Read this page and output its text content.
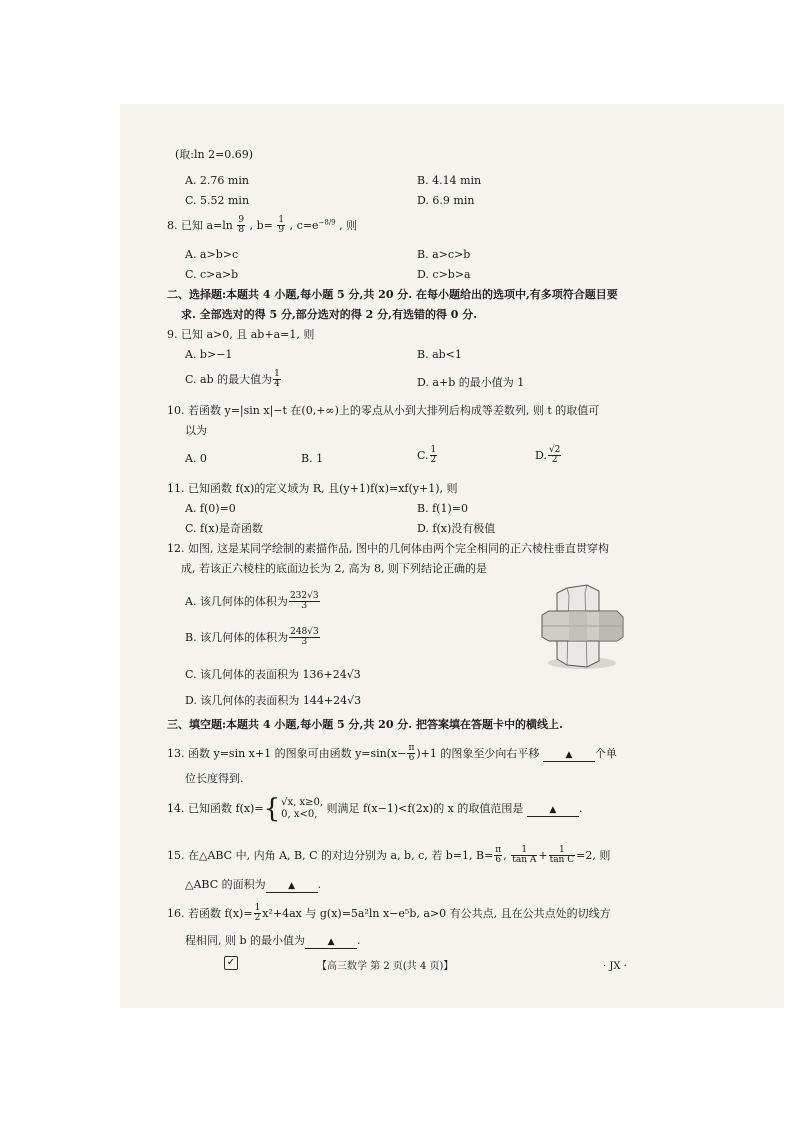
(取:ln 2=0.69)
A. 2.76 min	B. 4.14 min
C. 5.52 min	D. 6.9 min
8. 已知 $a=\ln \frac{9}{8}$ , $b= \frac{1}{9}$ , $c=e^{-8/9}$ , 则
A. a>b>c	B. a>c>b
C. c>a>b	D. c>b>a
二、选择题:本题共 4 小题,每小题 5 分,共 20 分. 在每小题给出的选项中,有多项符合题目要
求. 全部选对的得 5 分,部分选对的得 2 分,有选错的得 0 分.
9. 已知 a>0, 且 ab+a=1, 则
A. b>−1	B. ab<1
C. ab 的最大值为 $\frac{1}{4}$	D. a+b 的最小值为 1
10. 若函数 y=|sin x|−t 在(0,+∞)上的零点从小到大排列后构成等差数列, 则 t 的取值可
以为
A. 0	B. 1	C. $\frac{1}{2}$	D. $\frac{√2}{2}$
11. 已知函数 f(x)的定义域为 R, 且(y+1)f(x)=xf(y+1), 则
A. f(0)=0	B. f(1)=0
C. f(x)是奇函数	D. f(x)没有极值
12. 如图, 这是某同学绘制的素描作品, 图中的几何体由两个完全相同的正六棱柱垂直贯穿构
成, 若该正六棱柱的底面边长为 2, 高为 8, 则下列结论正确的是
A. 该几何体的体积为 $\frac{232√3}{3}$
B. 该几何体的体积为 $\frac{248√3}{3}$
C. 该几何体的表面积为 136+24√3
D. 该几何体的表面积为 144+24√3
三、填空题:本题共 4 小题,每小题 5 分,共 20 分. 把答案填在答题卡中的横线上.
13. 函数 y=sin x+1 的图象可由函数 $y=\sin(x- \frac{\pi}{6} )+1$ 的图象至少向右平移	▲ 个单
位长度得到.
14. 已知函数 f(x)={ √x, x≥0,
0, x<0, 则满足 f(x−1)<f(2x)的 x 的取值范围是	▲ .
15. 在△ABC 中, 内角 A, B, C 的对边分别为 a, b, c, 若 b=1, $B= \frac{\pi}{6}$ , $\frac{1}{\text{tan A}} + \frac{1}{\text{tan C}} =2$, 则
△ABC 的面积为	▲ .
16. 若函数 $f(x)= \frac{1}{2} x^2+4ax$ 与 g(x)=5a²ln x−e⁵b, a>0 有公共点, 且在公共点处的切线方
程相同, 则 b 的最小值为	▲ .
✓	【高三数学 第 2 页(共 4 页)】	· JX ·
